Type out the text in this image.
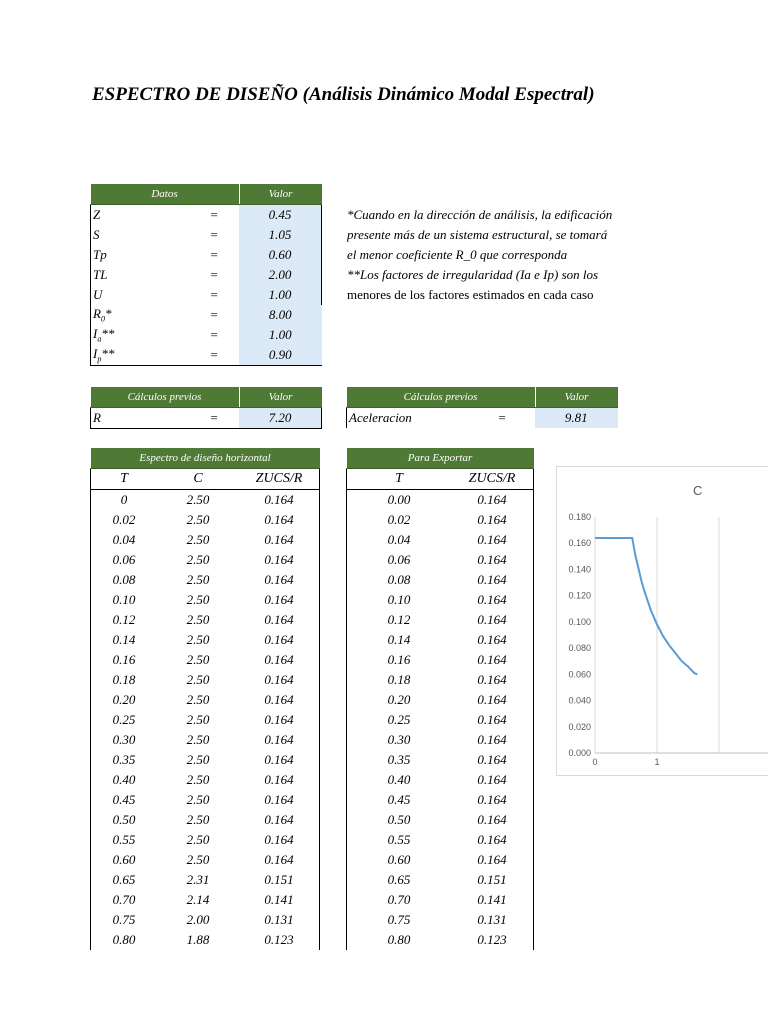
ESPECTRO DE DISEÑO (Análisis Dinámico Modal Espectral)
Datos		Valor
Z	=	0.45
S	=	1.05
Tp	=	0.60
TL	=	2.00
U	=	1.00
$R_0*$	=	8.00
$I_a**$	=	1.00
$I_p**$	=	0.90
*Cuando en la dirección de análisis, la edificación
presente más de un sistema estructural, se tomará
el menor coeficiente R_0 que corresponda
**Los factores de irregularidad (Ia e Ip) son los
menores de los factores estimados en cada caso
Cálculos previos		Valor
R	=	7.20
Cálculos previos		Valor
Aceleracion	=	9.81
Espectro de diseño horizontal		
T	C	ZUCS/R
0	2.50	0.164
0.02	2.50	0.164
0.04	2.50	0.164
0.06	2.50	0.164
0.08	2.50	0.164
0.10	2.50	0.164
0.12	2.50	0.164
0.14	2.50	0.164
0.16	2.50	0.164
0.18	2.50	0.164
0.20	2.50	0.164
0.25	2.50	0.164
0.30	2.50	0.164
0.35	2.50	0.164
0.40	2.50	0.164
0.45	2.50	0.164
0.50	2.50	0.164
0.55	2.50	0.164
0.60	2.50	0.164
0.65	2.31	0.151
0.70	2.14	0.141
0.75	2.00	0.131
0.80	1.88	0.123
Para Exportar	
T	ZUCS/R
0.00	0.164
0.02	0.164
0.04	0.164
0.06	0.164
0.08	0.164
0.10	0.164
0.12	0.164
0.14	0.164
0.16	0.164
0.18	0.164
0.20	0.164
0.25	0.164
0.30	0.164
0.35	0.164
0.40	0.164
0.45	0.164
0.50	0.164
0.55	0.164
0.60	0.164
0.65	0.151
0.70	0.141
0.75	0.131
0.80	0.123
C
0	1
0.000
0.020
0.040
0.060
0.080
0.100
0.120
0.140
0.160
0.180
